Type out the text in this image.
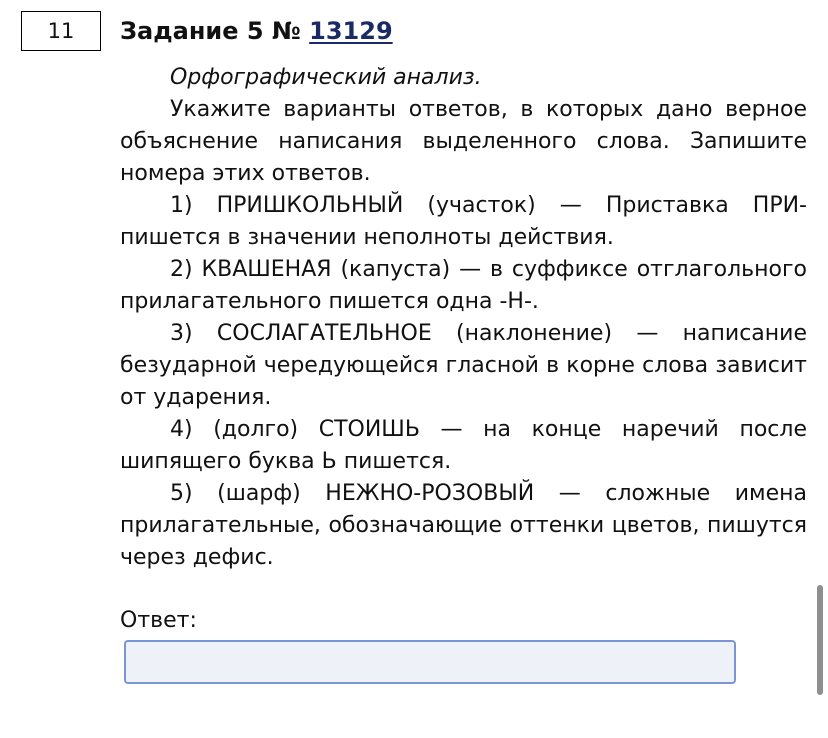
11 Задание 5 № 13129

Орфографический анализ.

Укажите варианты ответов, в которых дано верное объяснение написания выделенного слова. Запишите номера этих ответов.

1) ПРИШКОЛЬНЫЙ (участок) — Приставка ПРИ- пишется в значении неполноты действия.

2) КВАШЕНАЯ (капуста) — в суффиксе отглагольного прилагательного пишется одна -Н-.

3) СОСЛАГАТЕЛЬНОЕ (наклонение) — написание безударной чередующейся гласной в корне слова зависит от ударения.

4) (долго) СТОИШЬ — на конце наречий после шипящего буква Ь пишется.

5) (шарф) НЕЖНО-РОЗОВЫЙ — сложные имена прилагательные, обозначающие оттенки цветов, пишутся через дефис.

Ответ:
